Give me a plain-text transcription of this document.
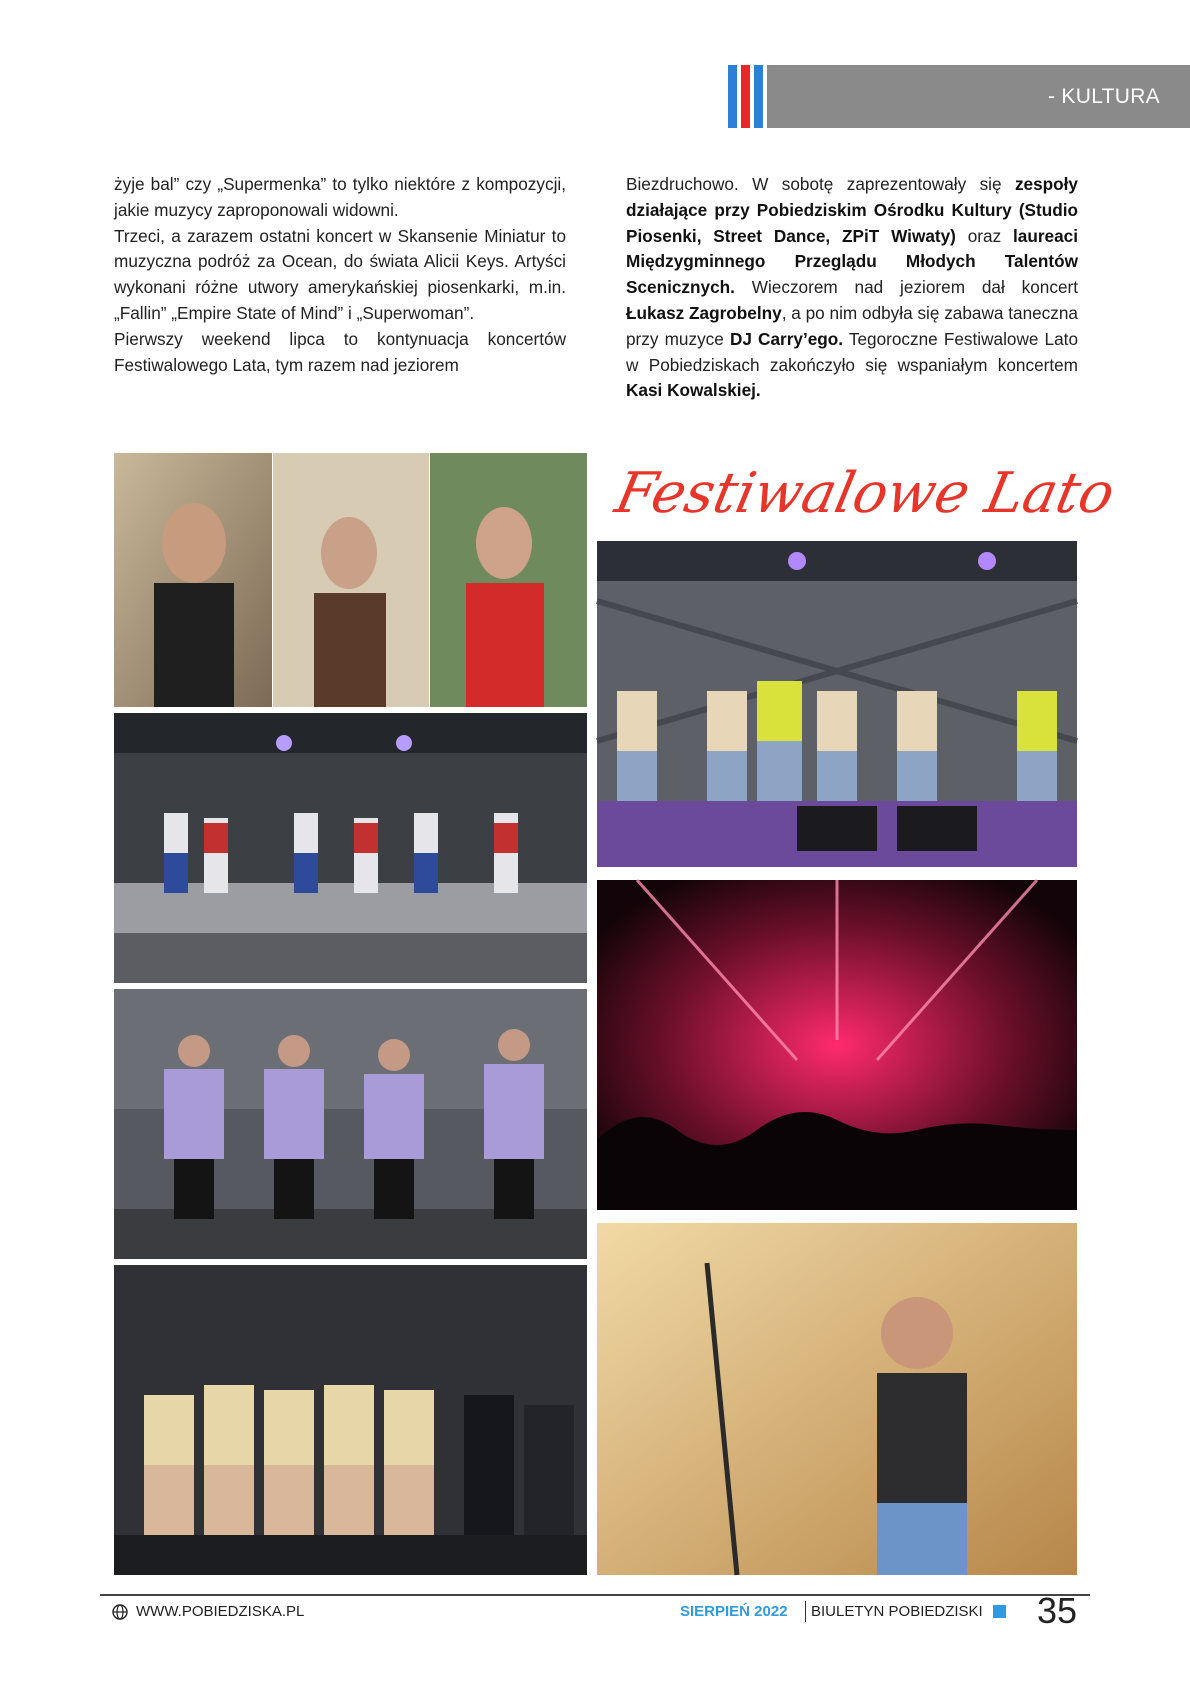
- KULTURA

żyje bal” czy „Supermenka” to tylko niektóre z kompozycji, jakie muzycy zaproponowali widowni.

Trzeci, a zarazem ostatni koncert w Skansenie Miniatur to muzyczna podróż za Ocean, do świata Alicii Keys. Artyści wykonani różne utwory amerykańskiej piosenkarki, m.in. „Fallin” „Empire State of Mind” i „Superwoman”.

Pierwszy weekend lipca to kontynuacja koncertów Festiwalowego Lata, tym razem nad jeziorem

Biezdruchowo. W sobotę zaprezentowały się zespoły działające przy Pobiedziskim Ośrodku Kultury (Studio Piosenki, Street Dance, ZPiT Wiwaty) oraz laureaci Międzygminnego Przeglądu Młodych Talentów Scenicznych. Wieczorem nad jeziorem dał koncert Łukasz Zagrobelny, a po nim odbyła się zabawa taneczna przy muzyce DJ Carry’ego. Tegoroczne Festiwalowe Lato w Pobiedziskach zakończyło się wspaniałym koncertem Kasi Kowalskiej.

Festiwalowe Lato
WWW.POBIEDZISKA.PL	SIERPIEŃ 2022 BIULETYN POBIEDZISKI 35
